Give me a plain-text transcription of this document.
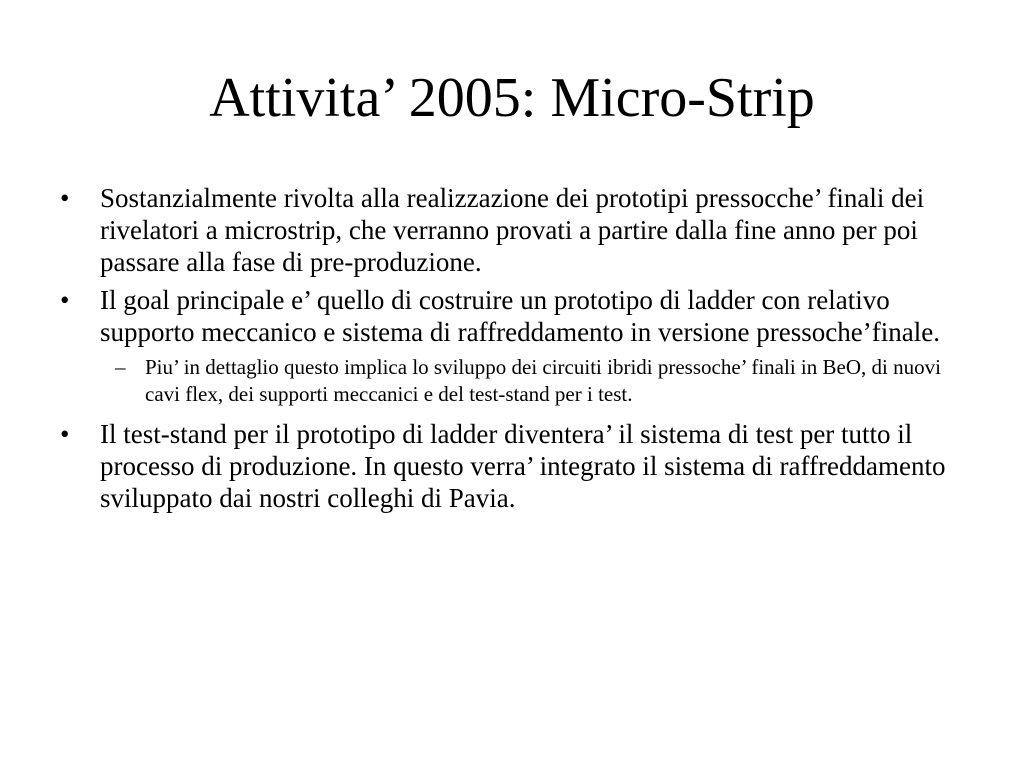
Attivita’ 2005: Micro-Strip
• Sostanzialmente rivolta alla realizzazione dei prototipi pressocche’ finali dei rivelatori a microstrip, che verranno provati a partire dalla fine anno per poi passare alla fase di pre-produzione.
• Il goal principale e’ quello di costruire un prototipo di ladder con relativo supporto meccanico e sistema di raffreddamento in versione pressoche’finale.
– Piu’ in dettaglio questo implica lo sviluppo dei circuiti ibridi pressoche’ finali in BeO, di nuovi cavi flex, dei supporti meccanici e del test-stand per i test.
• Il test-stand per il prototipo di ladder diventera’ il sistema di test per tutto il processo di produzione. In questo verra’ integrato il sistema di raffreddamento sviluppato dai nostri colleghi di Pavia.
